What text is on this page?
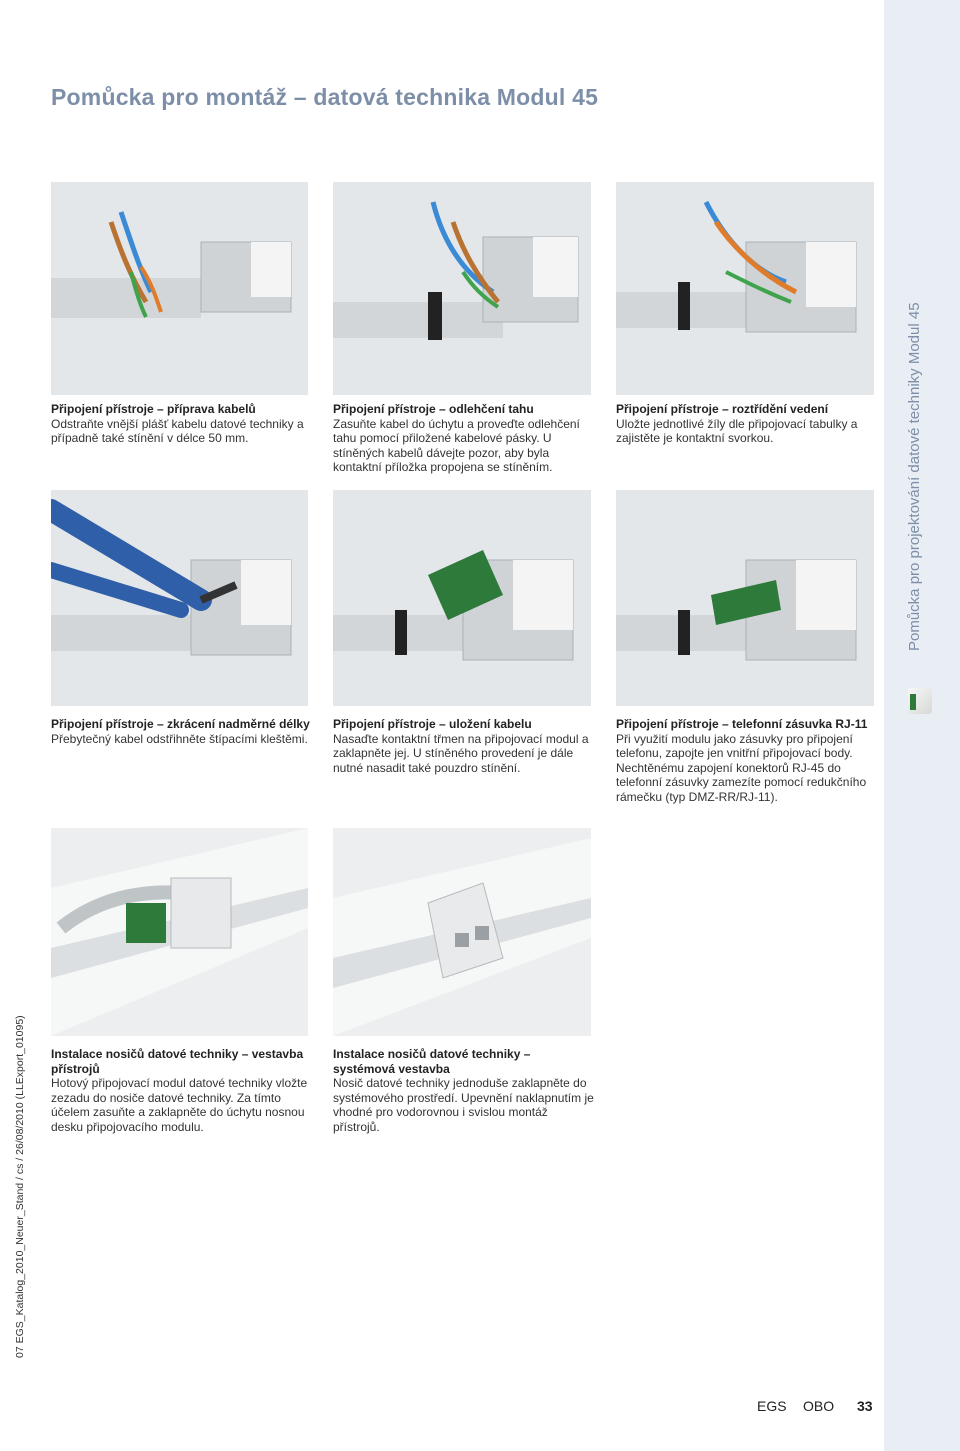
Pomůcka pro montáž – datová technika Modul 45
Pomůcka pro projektování datové techniky Modul 45
07 EGS_Katalog_2010_Neuer_Stand / cs / 26/08/2010 (LLExport_01095)
Připojení přístroje – příprava kabelů
Odstraňte vnější plášť kabelu datové techniky a případně také stínění v délce 50 mm.
Připojení přístroje – odlehčení tahu
Zasuňte kabel do úchytu a proveďte odlehčení tahu pomocí přiložené kabelové pásky. U stíněných kabelů dávejte pozor, aby byla kontaktní příložka propojena se stíněním.
Připojení přístroje – roztřídění vedení
Uložte jednotlivé žíly dle připojovací tabulky a zajistěte je kontaktní svorkou.
Připojení přístroje – zkrácení nadměrné délky
Přebytečný kabel odstřihněte štípacími kleštěmi.
Připojení přístroje – uložení kabelu
Nasaďte kontaktní třmen na připojovací modul a zaklapněte jej. U stíněného provedení je dále nutné nasadit také pouzdro stínění.
Připojení přístroje – telefonní zásuvka RJ-11
Při využití modulu jako zásuvky pro připojení telefonu, zapojte jen vnitřní připojovací body. Nechtěnému zapojení konektorů RJ-45 do telefonní zásuvky zamezíte pomocí redukčního rámečku (typ DMZ-RR/RJ-11).
Instalace nosičů datové techniky – vestavba přístrojů
Hotový připojovací modul datové techniky vložte zezadu do nosiče datové techniky. Za tímto účelem zasuňte a zaklapněte do úchytu nosnou desku připojovacího modulu.
Instalace nosičů datové techniky – systémová vestavba
Nosič datové techniky jednoduše zaklapněte do systémového prostředí. Upevnění naklapnutím je vhodné pro vodorovnou i svislou montáž přístrojů.
EGS OBO 33
